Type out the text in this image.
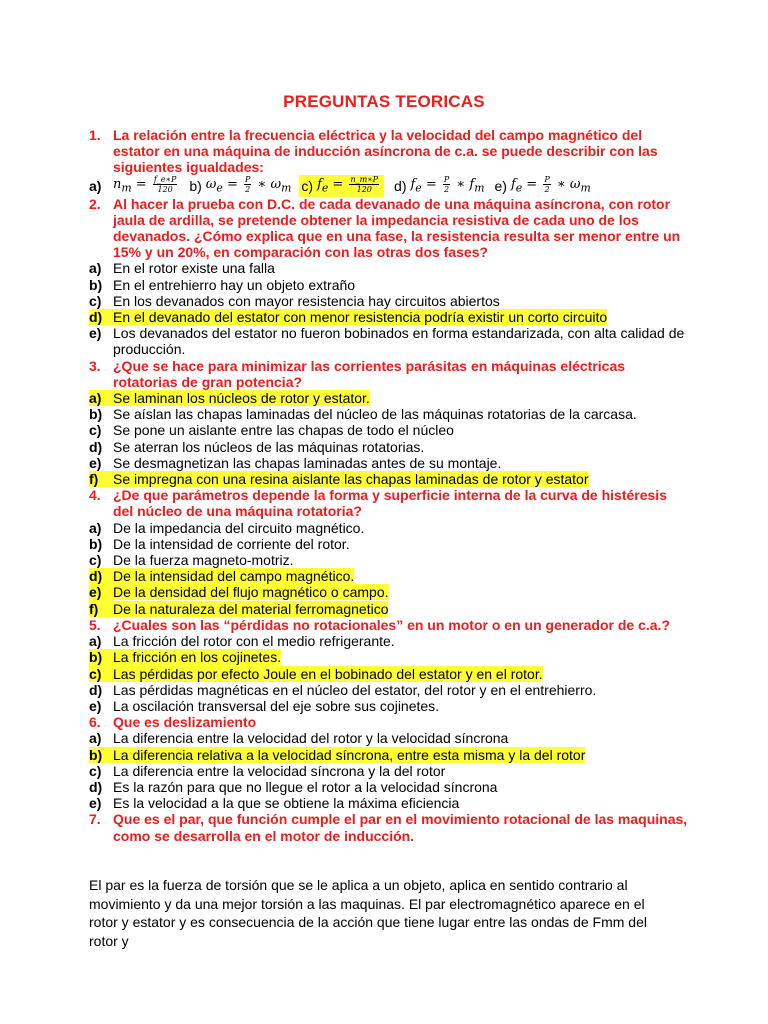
PREGUNTAS TEORICAS
1. La relación entre la frecuencia eléctrica y la velocidad del campo magnético del estator en una máquina de inducción asíncrona de c.a. se puede describir con las siguientes igualdades:
a) $n_m = \frac{f\_e∗P}{120} b$) $\omega_e = \frac{P}{2}$ ∗ $\omega_m$ c) $f_e = \frac{n\_m∗P}{120} d$) $f_e = \frac{P}{2}$ ∗ $f_m$ e) $f_e = \frac{P}{2}$ ∗ $\omega_m$
2. Al hacer la prueba con D.C. de cada devanado de una máquina asíncrona, con rotor jaula de ardilla, se pretende obtener la impedancia resistiva de cada uno de los devanados. ¿Cómo explica que en una fase, la resistencia resulta ser menor entre un 15% y un 20%, en comparación con las otras dos fases?
a) En el rotor existe una falla
b) En el entrehierro hay un objeto extraño
c) En los devanados con mayor resistencia hay circuitos abiertos
d) En el devanado del estator con menor resistencia podría existir un corto circuito
e) Los devanados del estator no fueron bobinados en forma estandarizada, con alta calidad de producción.
3. ¿Que se hace para minimizar las corrientes parásitas en máquinas eléctricas rotatorias de gran potencia?
a) Se laminan los núcleos de rotor y estator.
b) Se aíslan las chapas laminadas del núcleo de las máquinas rotatorias de la carcasa.
c) Se pone un aislante entre las chapas de todo el núcleo
d) Se aterran los núcleos de las máquinas rotatorias.
e) Se desmagnetizan las chapas laminadas antes de su montaje.
f)	Se impregna con una resina aislante las chapas laminadas de rotor y estator
4. ¿De que parámetros depende la forma y superficie interna de la curva de histéresis del núcleo de una máquina rotatoria?
a) De la impedancia del circuito magnético.
b) De la intensidad de corriente del rotor.
c) De la fuerza magneto-motriz.
d) De la intensidad del campo magnético.
e) De la densidad del flujo magnético o campo.
f)	De la naturaleza del material ferromagnetico
5. ¿Cuales son las “pérdidas no rotacionales” en un motor o en un generador de c.a.?
a) La fricción del rotor con el medio refrigerante.
b) La fricción en los cojinetes.
c) Las pérdidas por efecto Joule en el bobinado del estator y en el rotor.
d) Las pérdidas magnéticas en el núcleo del estator, del rotor y en el entrehierro.
e) La oscilación transversal del eje sobre sus cojinetes.
6. Que es deslizamiento
a) La diferencia entre la velocidad del rotor y la velocidad síncrona
b) La diferencia relativa a la velocidad síncrona, entre esta misma y la del rotor
c) La diferencia entre la velocidad síncrona y la del rotor
d) Es la razón para que no llegue el rotor a la velocidad síncrona
e) Es la velocidad a la que se obtiene la máxima eficiencia
7. Que es el par, que función cumple el par en el movimiento rotacional de las maquinas, como se desarrolla en el motor de inducción.
El par es la fuerza de torsión que se le aplica a un objeto, aplica en sentido contrario al movimiento y da una mejor torsión a las maquinas. El par electromagnético aparece en el rotor y estator y es consecuencia de la acción que tiene lugar entre las ondas de Fmm del rotor y
